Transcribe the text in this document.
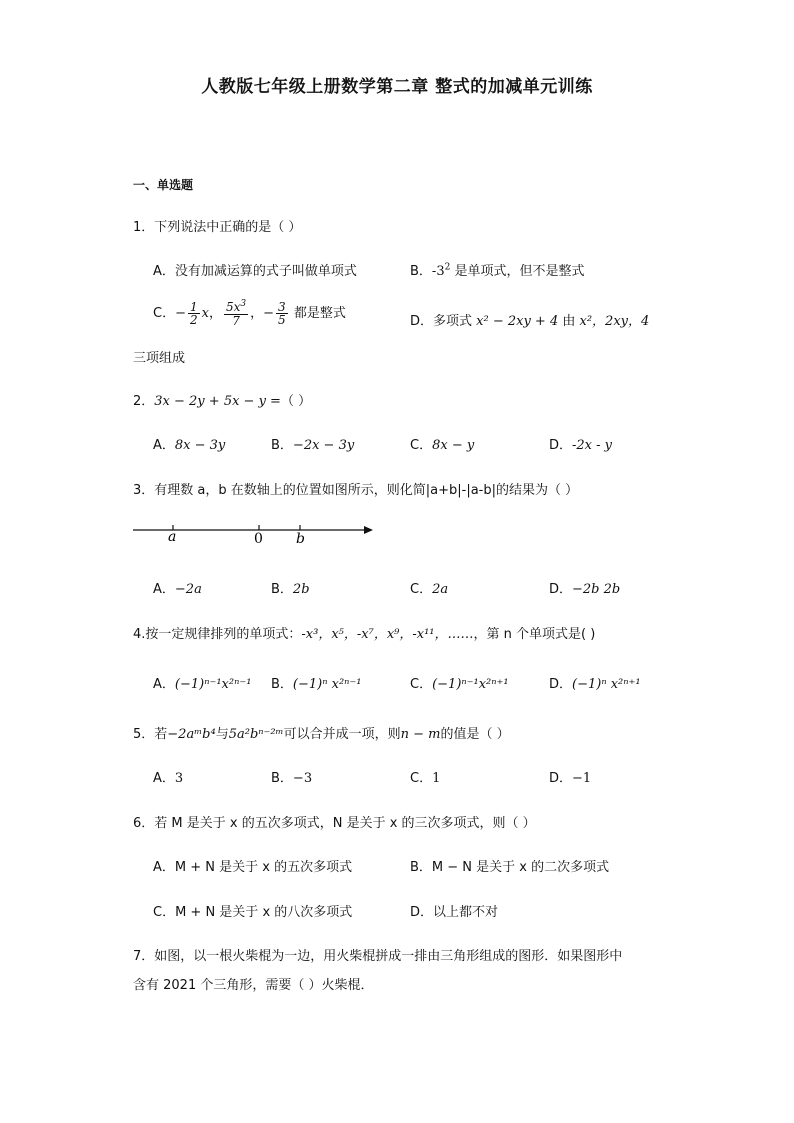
人教版七年级上册数学第二章 整式的加减单元训练
一、单选题
1．下列说法中正确的是（ ）
A．没有加减运算的式子叫做单项式	B．$-3^2$ 是单项式，但不是整式
C．− $\frac{1}{2}$ x， $\frac{5x^3}{7}$ ，− $\frac{3}{5}$ 都是整式
D．多项式 x² − 2xy + 4 由 x²，2xy，4
三项组成
2．3x − 2y + 5x − y =（ ）
A．8x − 3y	B．−2x − 3y	C．8x − y	D．-2x - y
3．有理数 a，b 在数轴上的位置如图所示，则化简|a+b|-|a-b|的结果为（ ）
a	0 b
A．−2a	B．2b	C．2a	D．−2b 2b
4.按一定规律排列的单项式：-x³，x⁵，-x⁷，x⁹，-x¹¹，……，第 n 个单项式是( )
A．(−1)ⁿ⁻¹x²ⁿ⁻¹ B．(−1)ⁿ x²ⁿ⁻¹	C．(−1)ⁿ⁻¹x²ⁿ⁺¹	D．(−1)ⁿ x²ⁿ⁺¹
5．若−2aᵐb⁴与5a²bⁿ⁻²ᵐ可以合并成一项，则n − m的值是（ ）
A．3	B．−3	C．1	D．−1
6．若 M 是关于 x 的五次多项式，N 是关于 x 的三次多项式，则（ ）
A．M + N 是关于 x 的五次多项式	B．M − N 是关于 x 的二次多项式
C．M + N 是关于 x 的八次多项式	D．以上都不对
7．如图，以一根火柴棍为一边，用火柴棍拼成一排由三角形组成的图形．如果图形中
含有 2021 个三角形，需要（ ）火柴棍．
